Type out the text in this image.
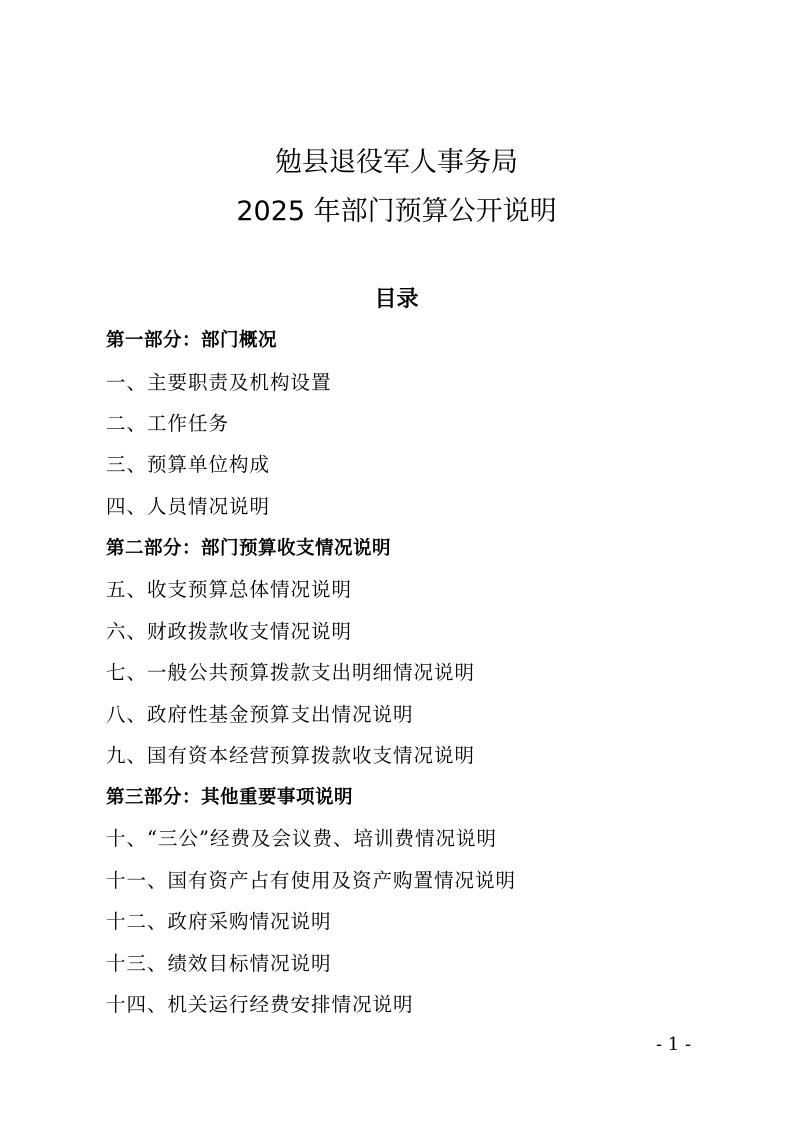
勉县退役军人事务局
2025 年部门预算公开说明
目录
第一部分：部门概况
一、主要职责及机构设置
二、工作任务
三、预算单位构成
四、人员情况说明
第二部分：部门预算收支情况说明
五、收支预算总体情况说明
六、财政拨款收支情况说明
七、一般公共预算拨款支出明细情况说明
八、政府性基金预算支出情况说明
九、国有资本经营预算拨款收支情况说明
第三部分：其他重要事项说明
十、“三公”经费及会议费、培训费情况说明
十一、国有资产占有使用及资产购置情况说明
十二、政府采购情况说明
十三、绩效目标情况说明
十四、机关运行经费安排情况说明
- 1 -
